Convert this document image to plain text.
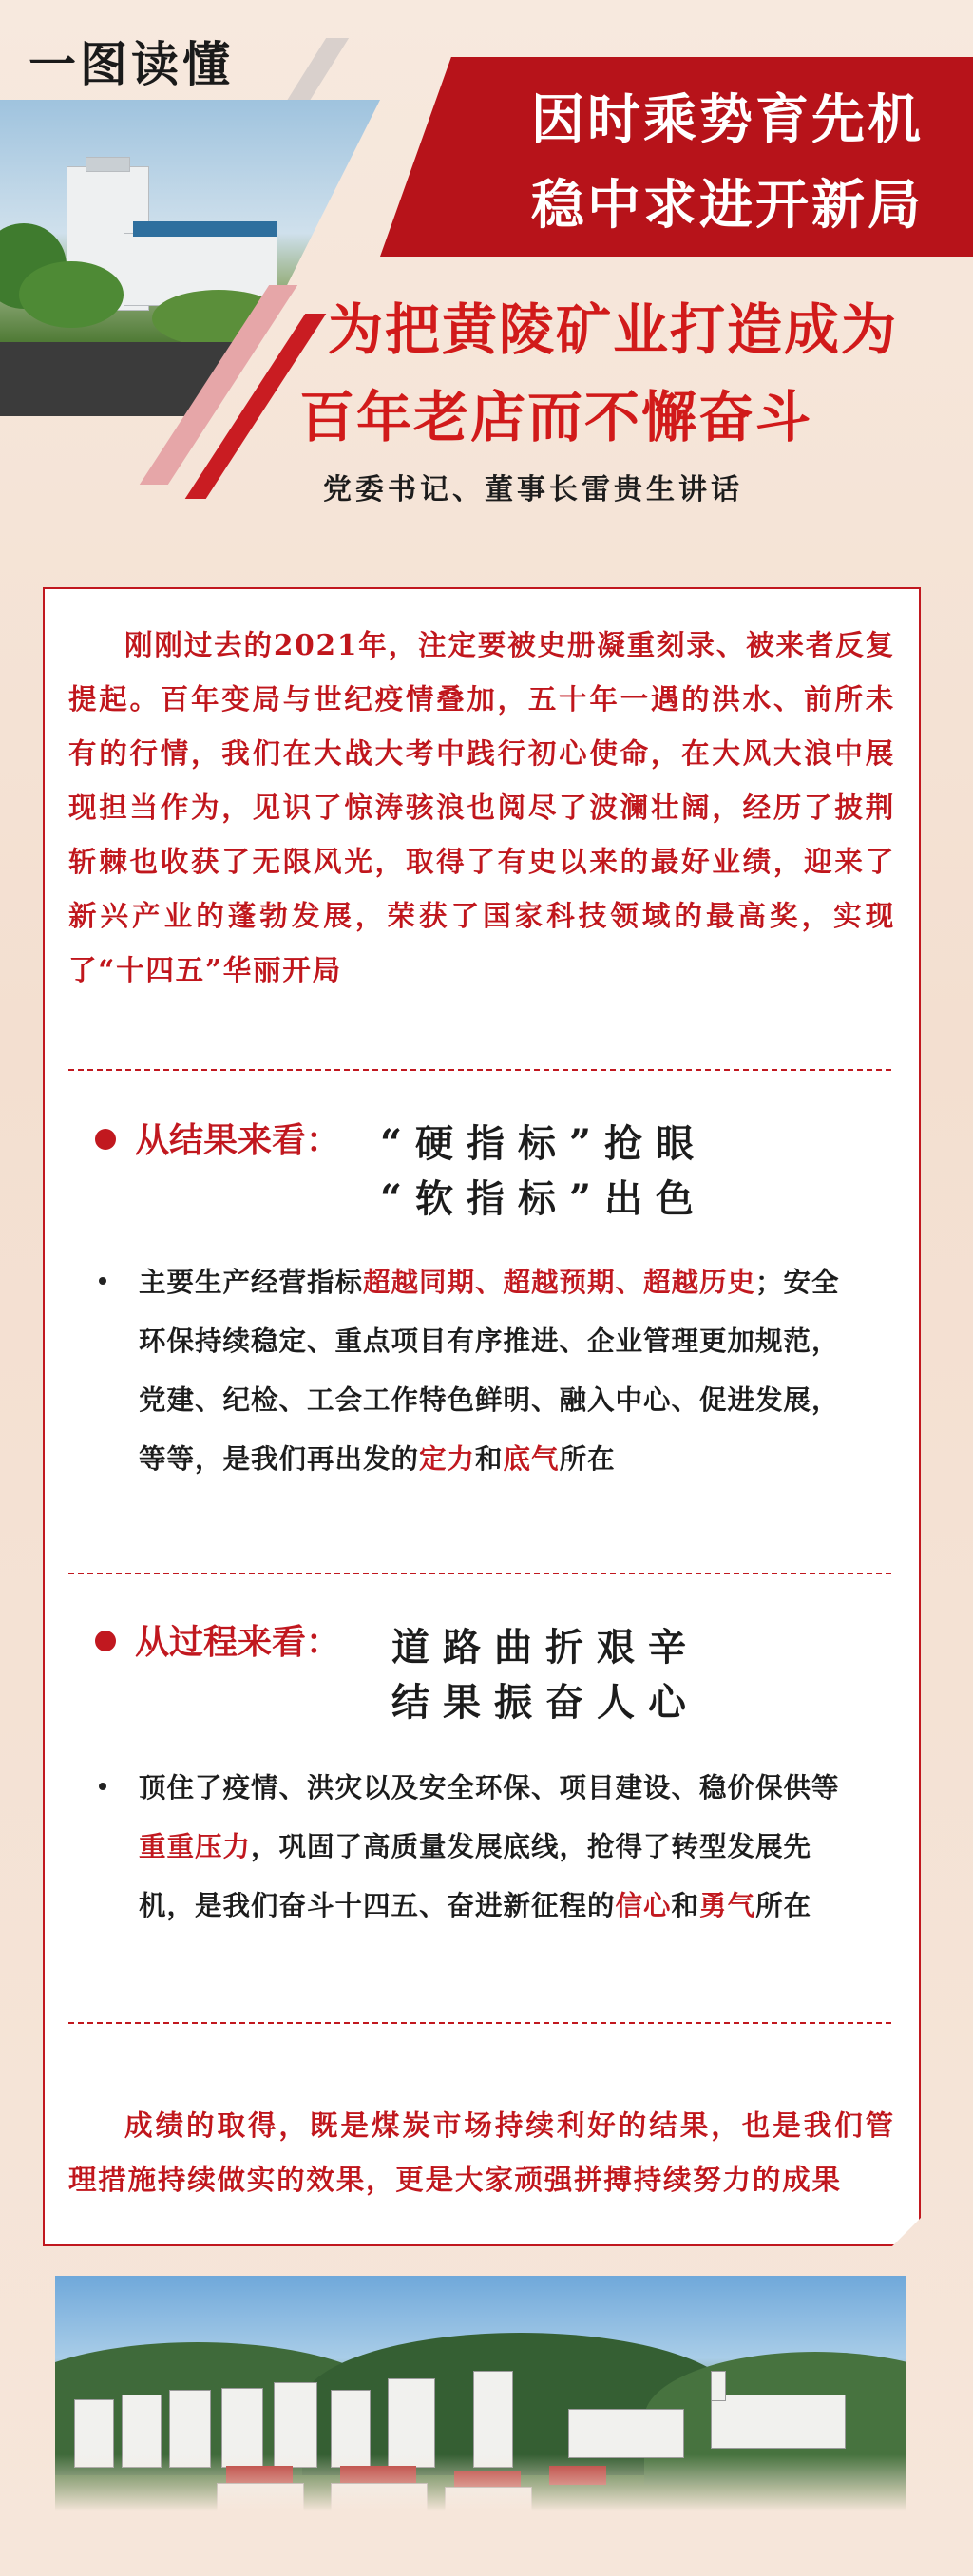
一图读懂
因时乘势育先机
稳中求进开新局
为把黄陵矿业打造成为
百年老店而不懈奋斗
党委书记、董事长雷贵生讲话

刚刚过去的2021年，注定要被史册凝重刻录、被来者反复提起。百年变局与世纪疫情叠加，五十年一遇的洪水、前所未有的行情，我们在大战大考中践行初心使命，在大风大浪中展现担当作为，见识了惊涛骇浪也阅尽了波澜壮阔，经历了披荆斩棘也收获了无限风光，取得了有史以来的最好业绩，迎来了新兴产业的蓬勃发展，荣获了国家科技领域的最高奖，实现了“十四五”华丽开局

从结果来看： “硬指标”抢眼
“软指标”出色

主要生产经营指标超越同期、超越预期、超越历史；安全环保持续稳定、重点项目有序推进、企业管理更加规范，党建、纪检、工会工作特色鲜明、融入中心、促进发展，等等，是我们再出发的定力和底气所在

从过程来看： 道路曲折艰辛
结果振奋人心

顶住了疫情、洪灾以及安全环保、项目建设、稳价保供等重重压力，巩固了高质量发展底线，抢得了转型发展先机，是我们奋斗十四五、奋进新征程的信心和勇气所在

成绩的取得，既是煤炭市场持续利好的结果，也是我们管理措施持续做实的效果，更是大家顽强拼搏持续努力的成果
